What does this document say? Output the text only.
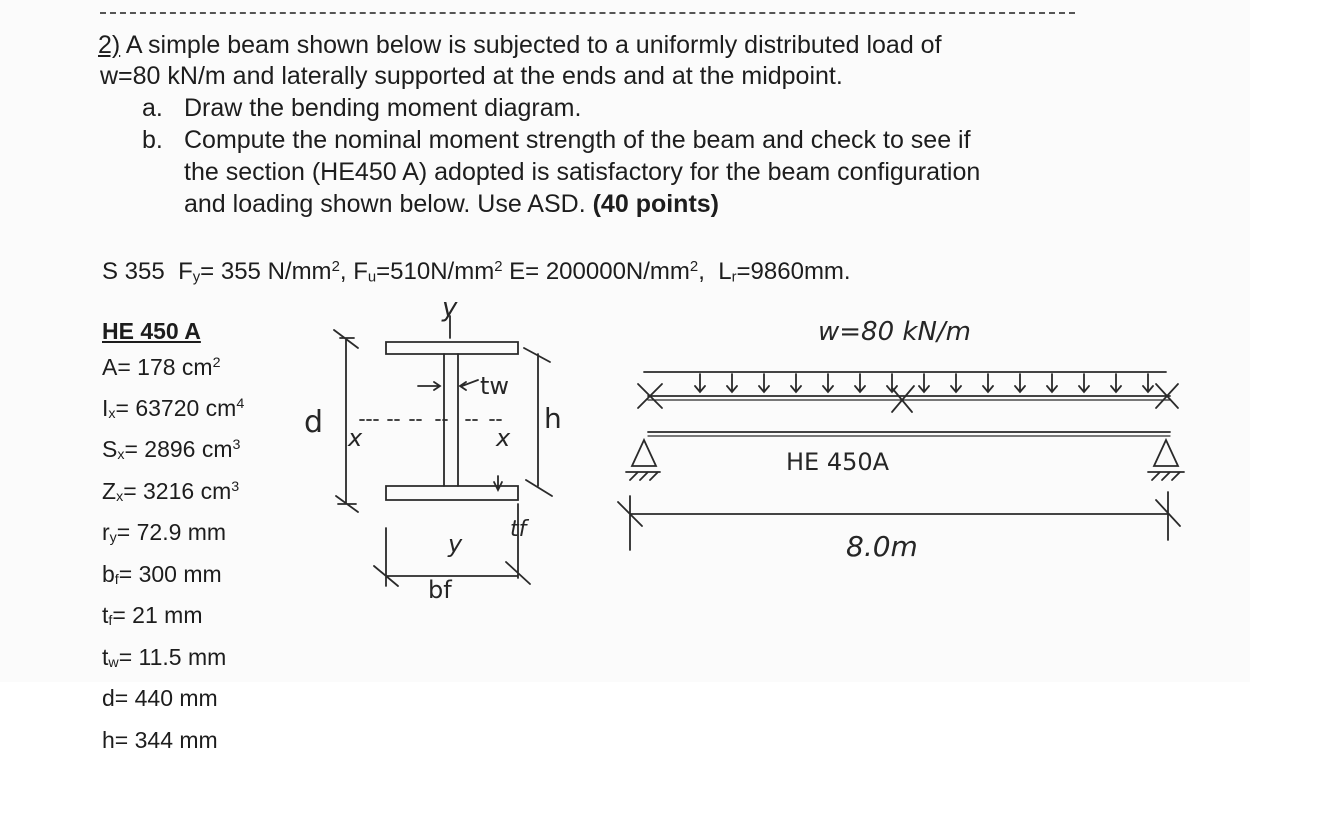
2) A simple beam shown below is subjected to a uniformly distributed load of

w=80 kN/m and laterally supported at the ends and at the midpoint.

a. Draw the bending moment diagram.
b. Compute the nominal moment strength of the beam and check to see if
the section (HE450 A) adopted is satisfactory for the beam configuration
and loading shown below. Use ASD. (40 points)

S 355 $F_y= 355$ $N/mm^2$, $F_u=510N/mm^2$ $E= 200000N/mm^2$,  $L_r=9860mm$.

HE 450 A
A= 178 $cm^2$
$I_x= 63720$ $cm^4$
$S_x= 2896$ $cm^3$
$Z_x= 3216$ $cm^3$
$r_y= 72.9$ mm
$b_f= 300$ mm
$t_f= 21$ mm
$t_w= 11.5$ mm
d= 440 mm
h= 344 mm
y
x	x
d	h
tw
tf
y
bf
w=80 kN/m
HE 450A
8.0m
